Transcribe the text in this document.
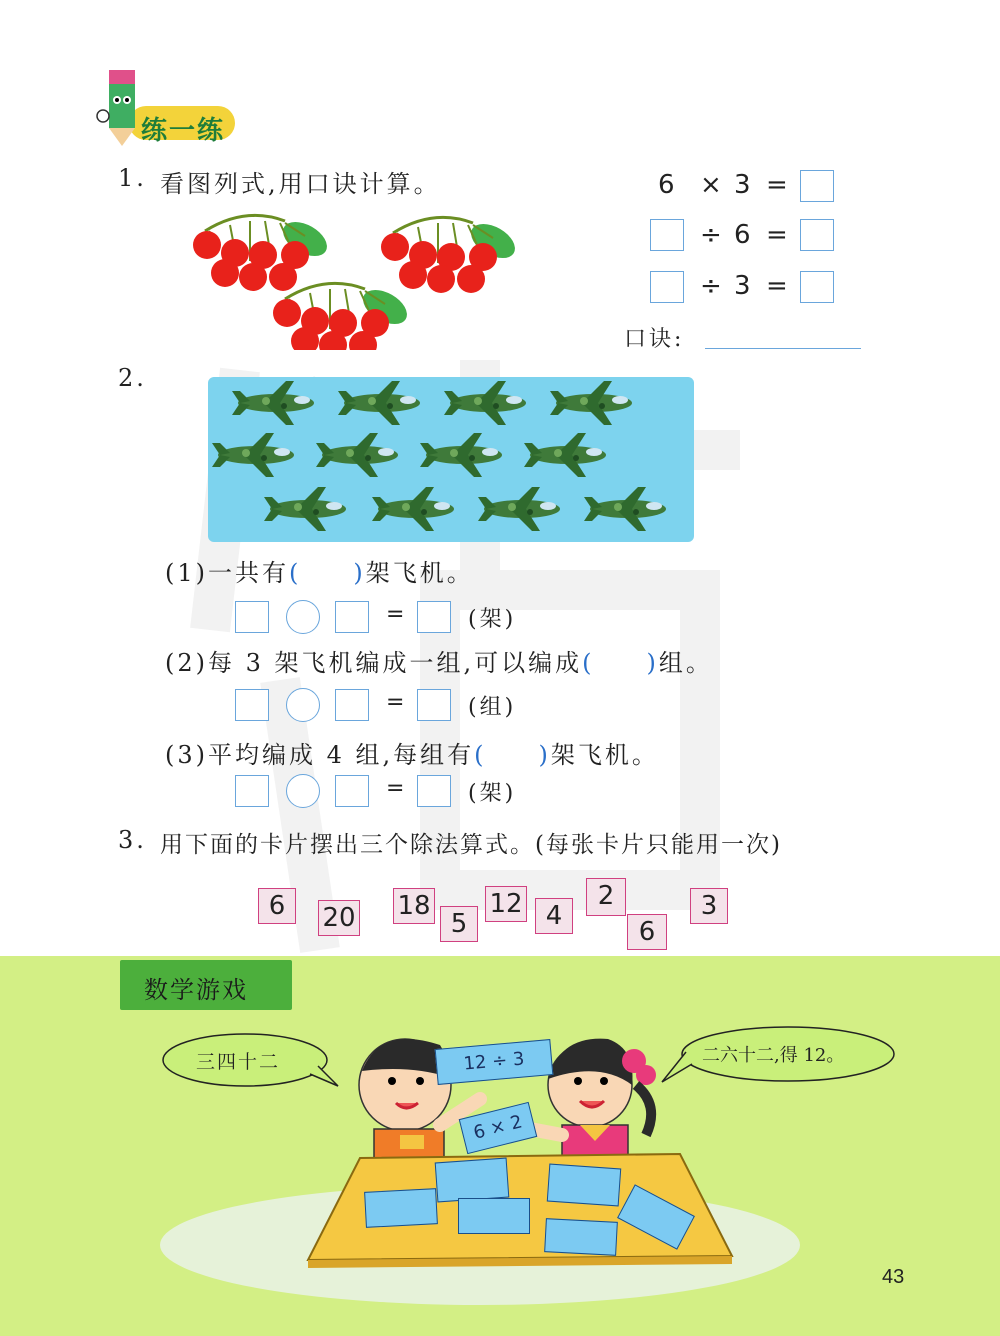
练一练
1. 看图列式,用口诀计算。	6 × 3 =
÷ 6 =
÷ 3 =
口诀:
2.
(1)一共有( )架飞机。
=	(架)
(2)每 3 架飞机编成一组,可以编成( )组。
=	(组)
(3)平均编成 4 组,每组有( )架飞机。
=	(架)
3. 用下面的卡片摆出三个除法算式。(每张卡片只能用一次)
6	20 18
5
12 4
2
6
3
数学游戏
三四十二	二六十二,得 12。
12 ÷ 3
6 × 2
43
